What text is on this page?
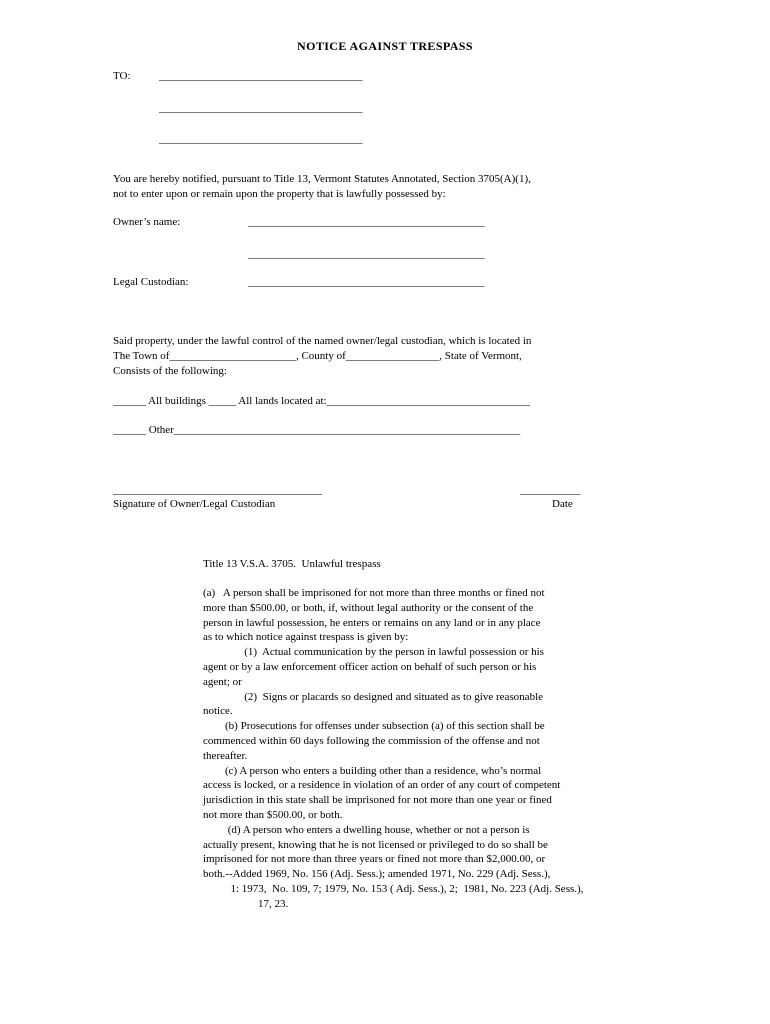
NOTICE AGAINST TRESPASS
TO:	_____________________________________
_____________________________________
_____________________________________
You are hereby notified, pursuant to Title 13, Vermont Statutes Annotated, Section 3705(A)(1),
not to enter upon or remain upon the property that is lawfully possessed by:
Owner’s name:	___________________________________________
___________________________________________
Legal Custodian:	___________________________________________
Said property, under the lawful control of the named owner/legal custodian, which is located in
The Town of_______________________, County of_________________, State of Vermont,
Consists of the following:
______ All buildings _____ All lands located at:_____________________________________
______ Other_______________________________________________________________
______________________________________
Signature of Owner/Legal Custodian
___________
Date
Title 13 V.S.A. 3705.  Unlawful trespass
(a)   A person shall be imprisoned for not more than three months or fined not
more than $500.00, or both, if, without legal authority or the consent of the
person in lawful possession, he enters or remains on any land or in any place
as to which notice against trespass is given by:
(1)  Actual communication by the person in lawful possession or his
agent or by a law enforcement officer action on behalf of such person or his
agent; or
(2)  Signs or placards so designed and situated as to give reasonable
notice.
(b) Prosecutions for offenses under subsection (a) of this section shall be
commenced within 60 days following the commission of the offense and not
thereafter.
(c) A person who enters a building other than a residence, who’s normal
access is locked, or a residence in violation of an order of any court of competent
jurisdiction in this state shall be imprisoned for not more than one year or fined
not more than $500.00, or both.
(d) A person who enters a dwelling house, whether or not a person is
actually present, knowing that he is not licensed or privileged to do so shall be
imprisoned for not more than three years or fined not more than $2,000.00, or
both.--Added 1969, No. 156 (Adj. Sess.); amended 1971, No. 229 (Adj. Sess.),
1: 1973,  No. 109, 7; 1979, No. 153 ( Adj. Sess.), 2;  1981, No. 223 (Adj. Sess.),
17, 23.
